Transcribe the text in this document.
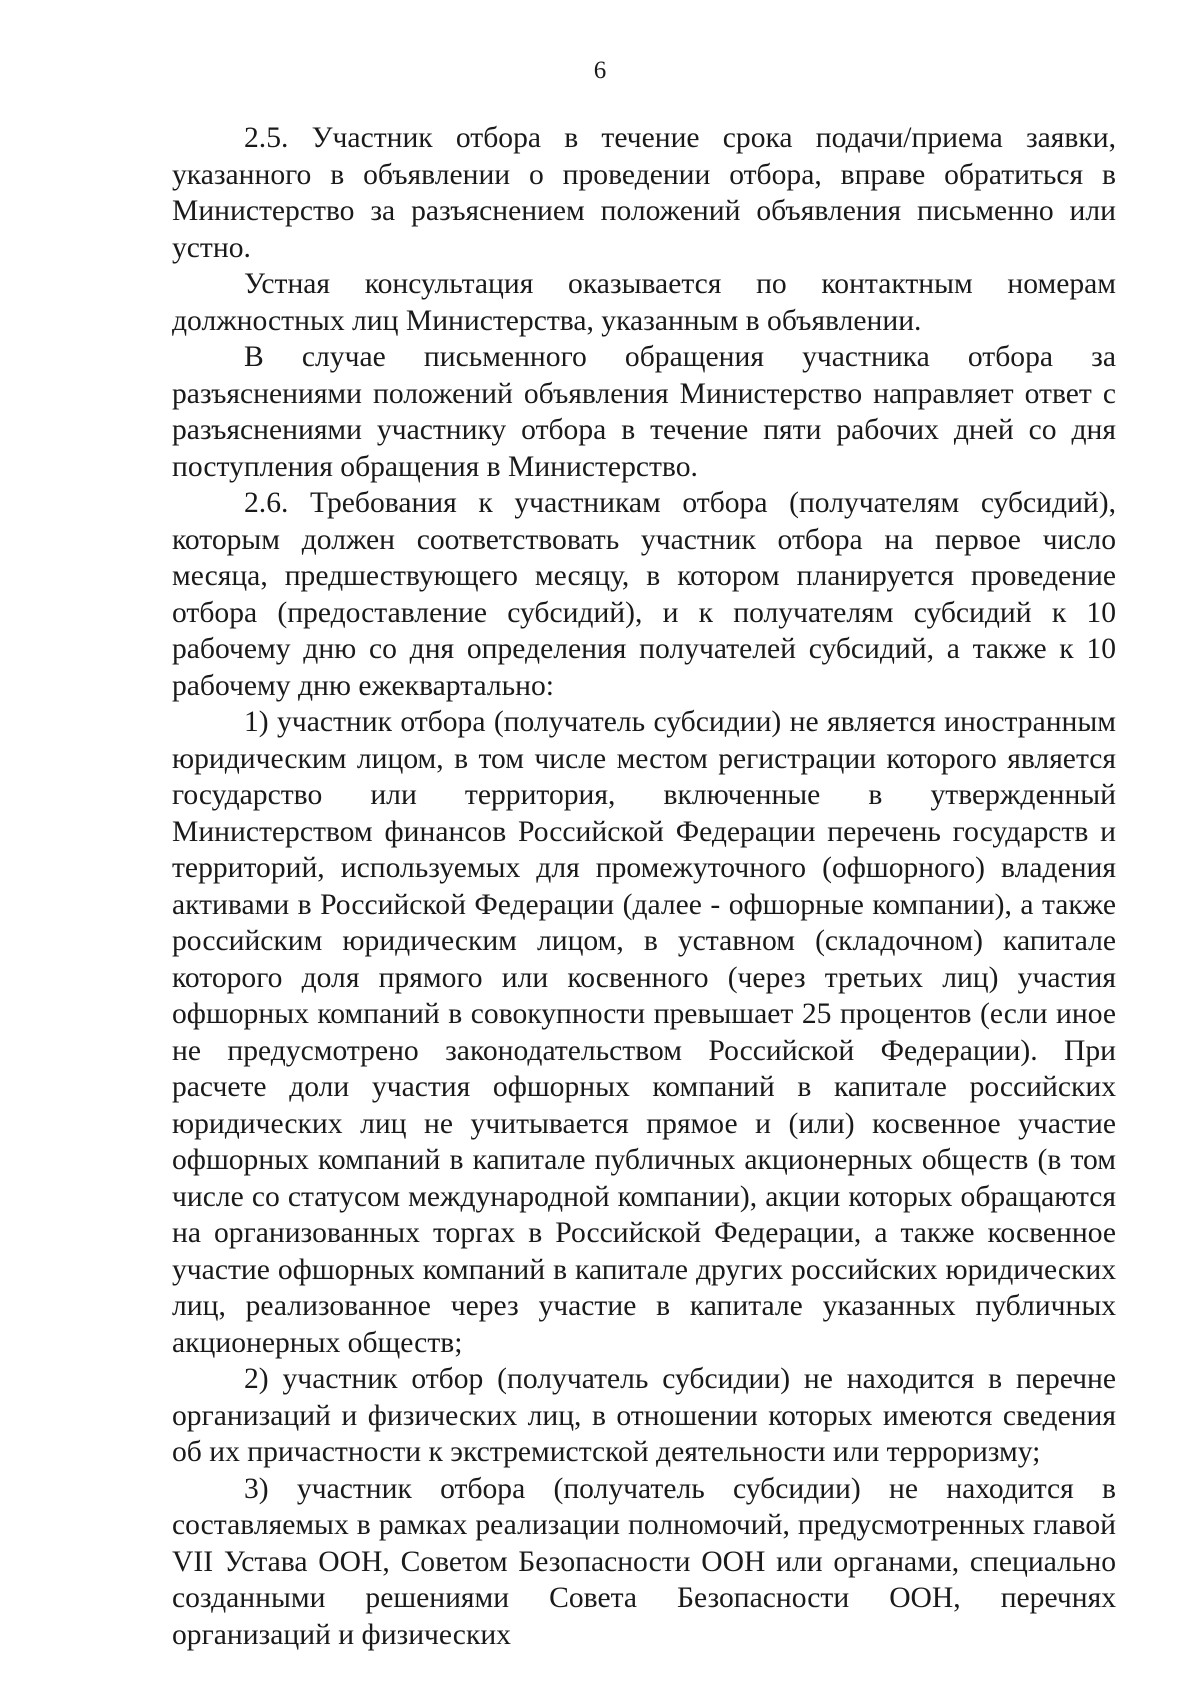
6

2.5. Участник отбора в течение срока подачи/приема заявки, указанного в объявлении о проведении отбора, вправе обратиться в Министерство за разъяснением положений объявления письменно или устно.

Устная консультация оказывается по контактным номерам должностных лиц Министерства, указанным в объявлении.

В случае письменного обращения участника отбора за разъяснениями положений объявления Министерство направляет ответ с разъяснениями участнику отбора в течение пяти рабочих дней со дня поступления обращения в Министерство.

2.6. Требования к участникам отбора (получателям субсидий), которым должен соответствовать участник отбора на первое число месяца, предшествующего месяцу, в котором планируется проведение отбора (предоставление субсидий), и к получателям субсидий к 10 рабочему дню со дня определения получателей субсидий, а также к 10 рабочему дню ежеквартально:

1) участник отбора (получатель субсидии) не является иностранным юридическим лицом, в том числе местом регистрации которого является государство или территория, включенные в утвержденный Министерством финансов Российской Федерации перечень государств и территорий, используемых для промежуточного (офшорного) владения активами в Российской Федерации (далее - офшорные компании), а также российским юридическим лицом, в уставном (складочном) капитале которого доля прямого или косвенного (через третьих лиц) участия офшорных компаний в совокупности превышает 25 процентов (если иное не предусмотрено законодательством Российской Федерации). При расчете доли участия офшорных компаний в капитале российских юридических лиц не учитывается прямое и (или) косвенное участие офшорных компаний в капитале публичных акционерных обществ (в том числе со статусом международной компании), акции которых обращаются на организованных торгах в Российской Федерации, а также косвенное участие офшорных компаний в капитале других российских юридических лиц, реализованное через участие в капитале указанных публичных акционерных обществ;

2) участник отбор (получатель субсидии) не находится в перечне организаций и физических лиц, в отношении которых имеются сведения об их причастности к экстремистской деятельности или терроризму;

3) участник отбора (получатель субсидии) не находится в составляемых в рамках реализации полномочий, предусмотренных главой VII Устава ООН, Советом Безопасности ООН или органами, специально созданными решениями Совета Безопасности ООН, перечнях организаций и физических
